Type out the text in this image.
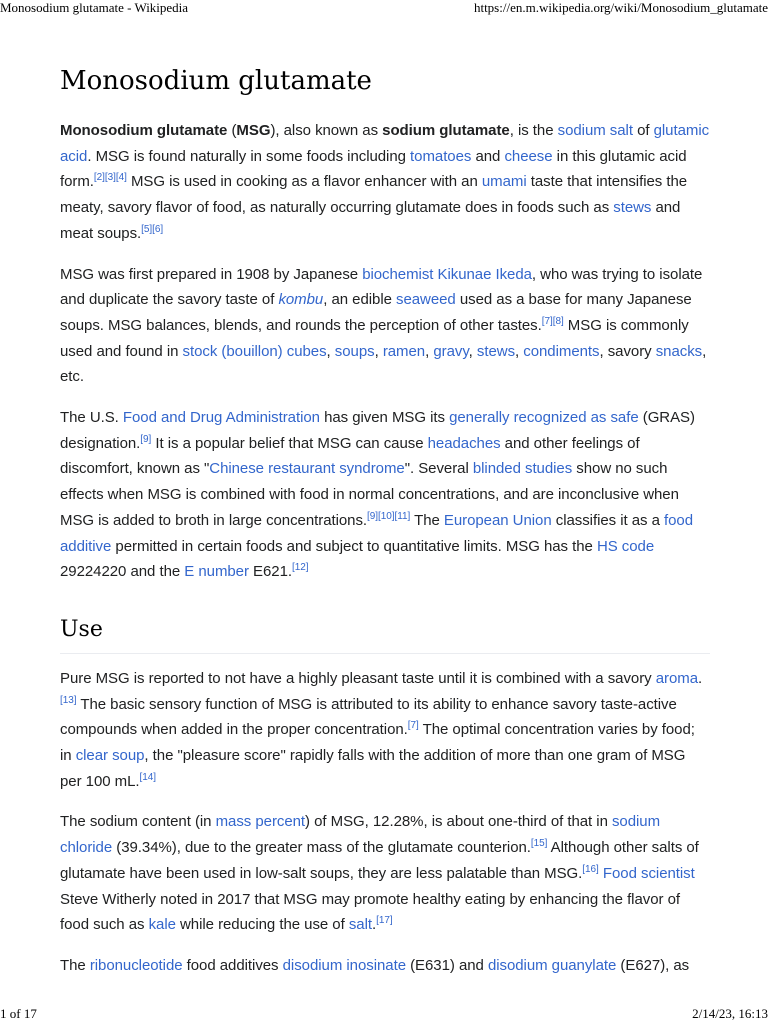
Monosodium glutamate - Wikipedia	https://en.m.wikipedia.org/wiki/Monosodium_glutamate
Monosodium glutamate

Monosodium glutamate (MSG), also known as sodium glutamate, is the sodium salt of glutamic acid. MSG is found naturally in some foods including tomatoes and cheese in this glutamic acid form.[2][3][4] MSG is used in cooking as a flavor enhancer with an umami taste that intensifies the meaty, savory flavor of food, as naturally occurring glutamate does in foods such as stews and meat soups.[5][6]

MSG was first prepared in 1908 by Japanese biochemist Kikunae Ikeda, who was trying to isolate and duplicate the savory taste of kombu, an edible seaweed used as a base for many Japanese soups. MSG balances, blends, and rounds the perception of other tastes.[7][8] MSG is commonly used and found in stock (bouillon) cubes, soups, ramen, gravy, stews, condiments, savory snacks, etc.

The U.S. Food and Drug Administration has given MSG its generally recognized as safe (GRAS) designation.[9] It is a popular belief that MSG can cause headaches and other feelings of discomfort, known as "Chinese restaurant syndrome". Several blinded studies show no such effects when MSG is combined with food in normal concentrations, and are inconclusive when MSG is added to broth in large concentrations.[9][10][11] The European Union classifies it as a food additive permitted in certain foods and subject to quantitative limits. MSG has the HS code 29224220 and the E number E621.[12]

Use

Pure MSG is reported to not have a highly pleasant taste until it is combined with a savory aroma.[13] The basic sensory function of MSG is attributed to its ability to enhance savory taste-active compounds when added in the proper concentration.[7] The optimal concentration varies by food; in clear soup, the "pleasure score" rapidly falls with the addition of more than one gram of MSG per 100 mL.[14]

The sodium content (in mass percent) of MSG, 12.28%, is about one-third of that in sodium chloride (39.34%), due to the greater mass of the glutamate counterion.[15] Although other salts of glutamate have been used in low-salt soups, they are less palatable than MSG.[16] Food scientist Steve Witherly noted in 2017 that MSG may promote healthy eating by enhancing the flavor of food such as kale while reducing the use of salt.[17]

The ribonucleotide food additives disodium inosinate (E631) and disodium guanylate (E627), as

1 of 17	2/14/23, 16:13
